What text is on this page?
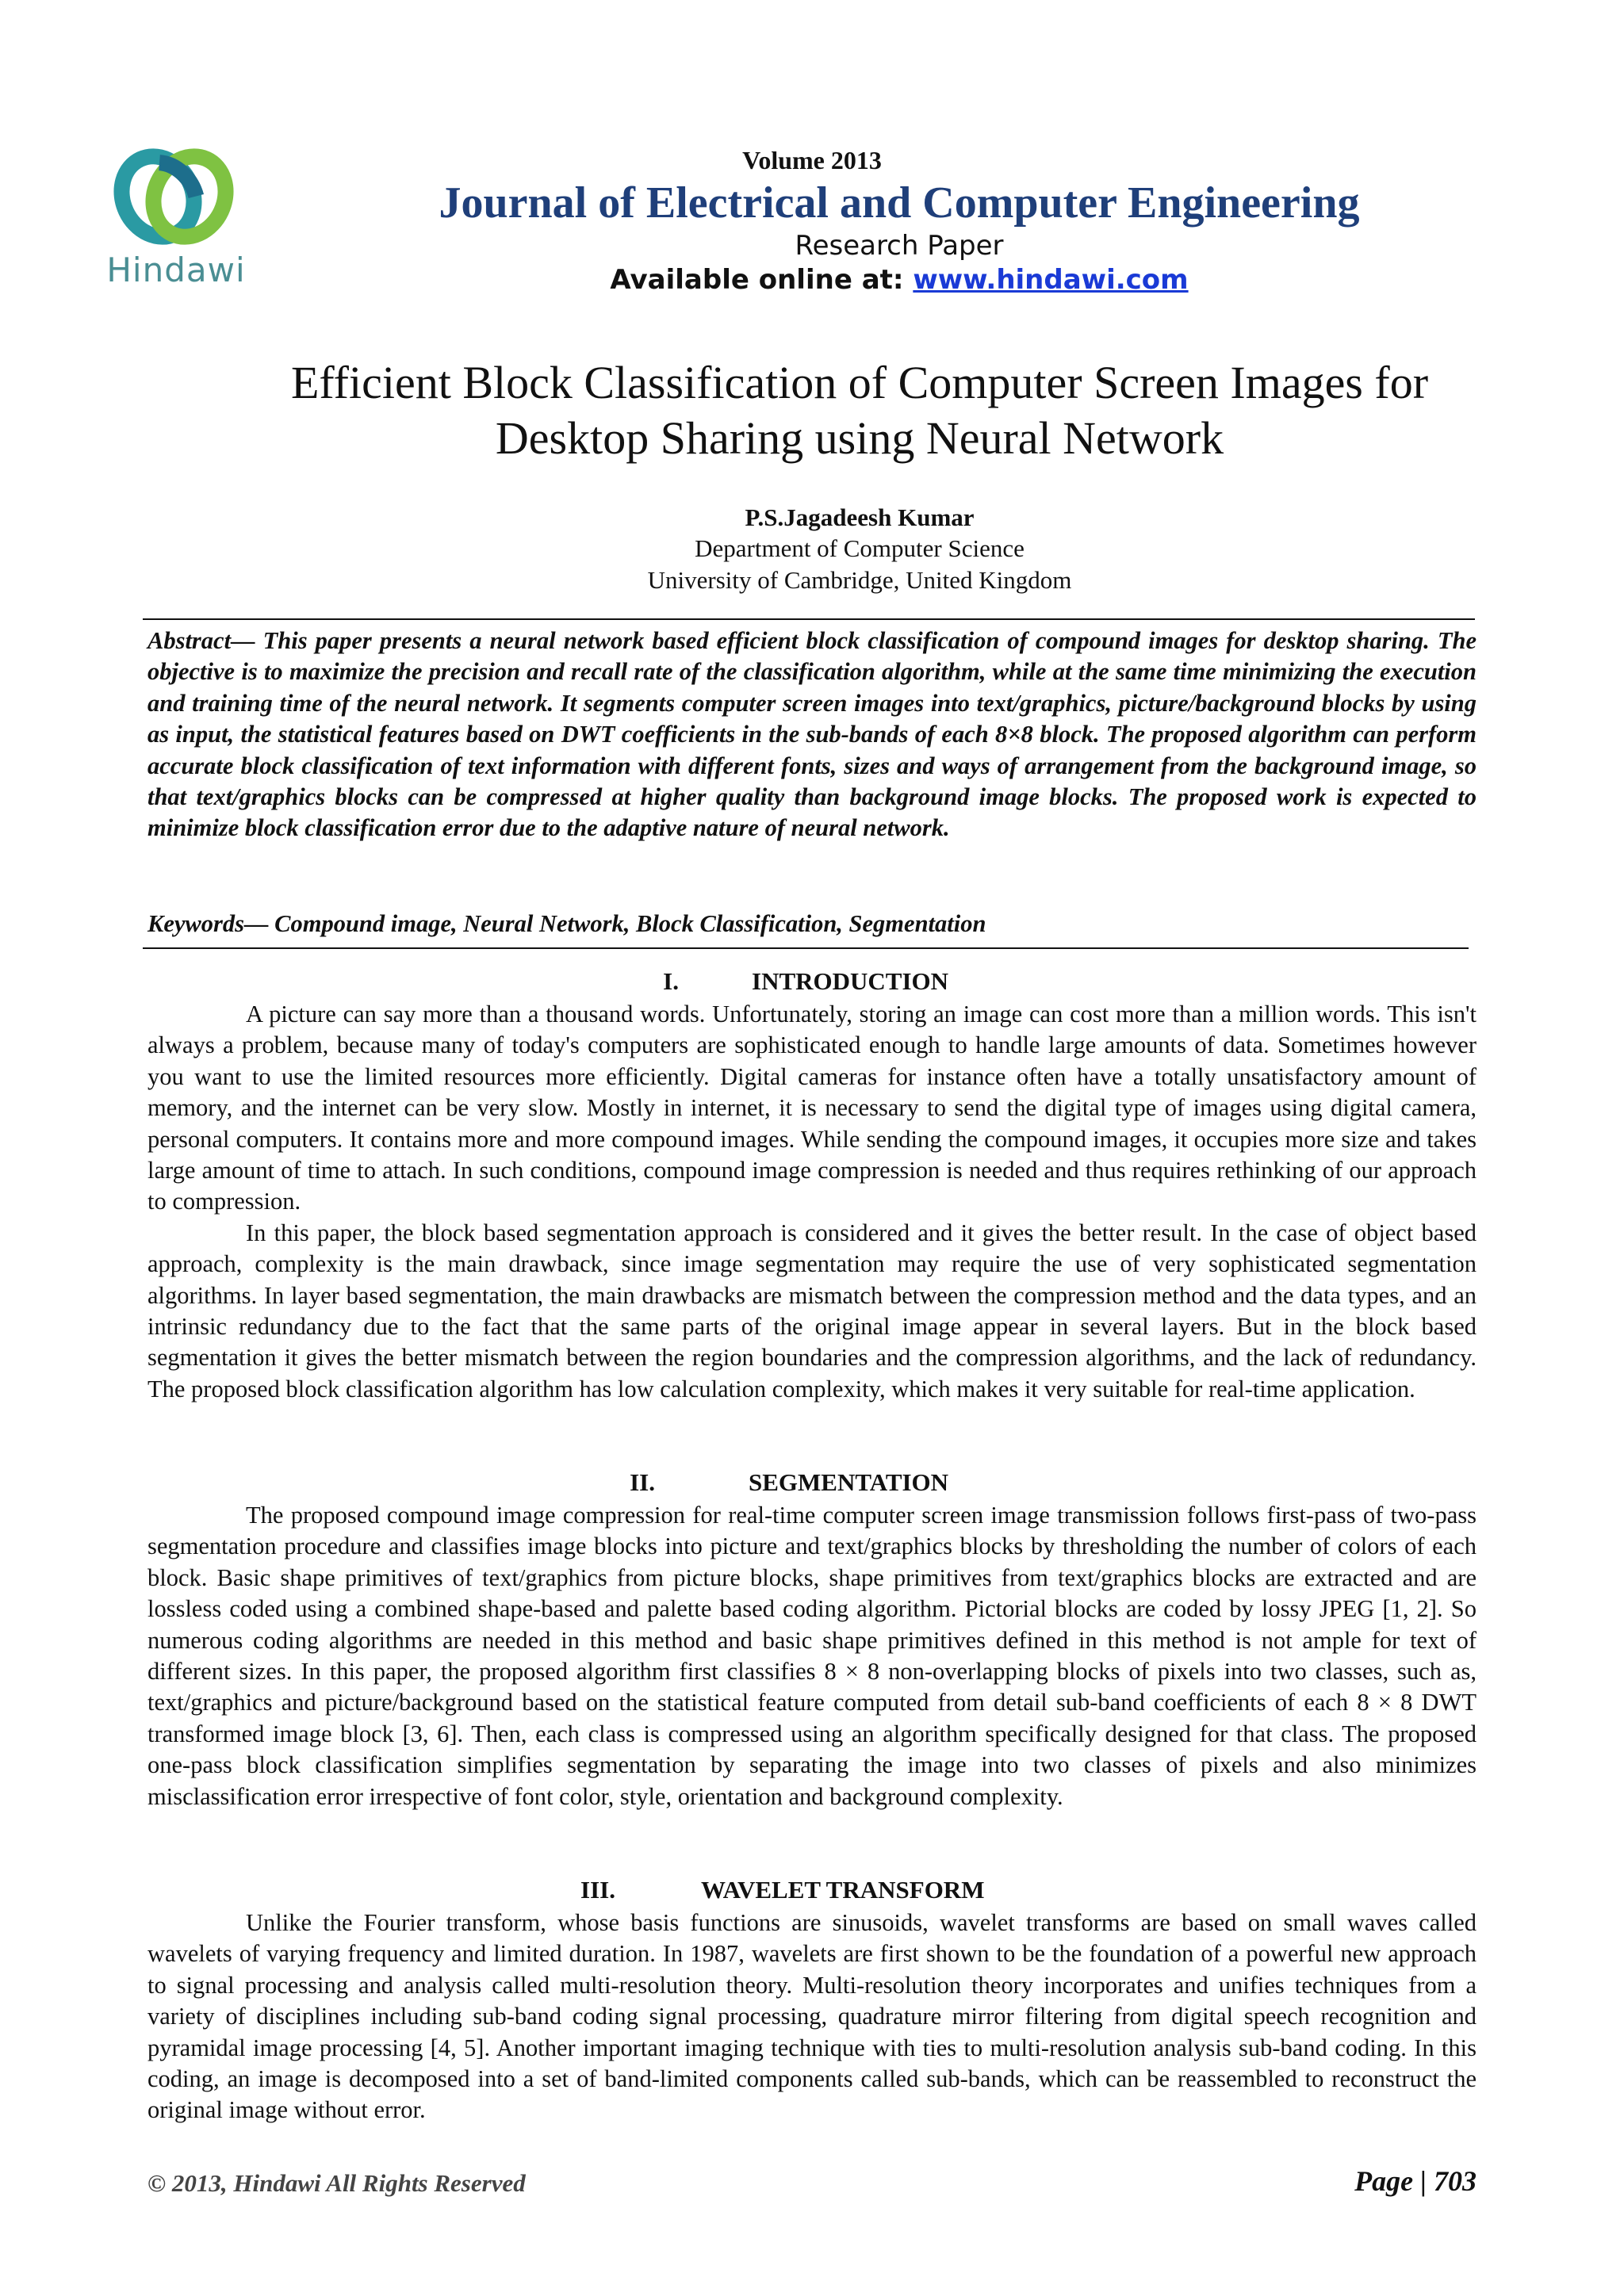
Hindawi
Volume 2013
Journal of Electrical and Computer Engineering
Research Paper
Available online at: www.hindawi.com
Efficient Block Classification of Computer Screen Images for
Desktop Sharing using Neural Network
P.S.Jagadeesh Kumar
Department of Computer Science
University of Cambridge, United Kingdom
Abstract— This paper presents a neural network based efficient block classification of compound images for desktop sharing. The objective is to maximize the precision and recall rate of the classification algorithm, while at the same time minimizing the execution and training time of the neural network. It segments computer screen images into text/graphics, picture/background blocks by using as input, the statistical features based on DWT coefficients in the sub-bands of each 8×8 block. The proposed algorithm can perform accurate block classification of text information with different fonts, sizes and ways of arrangement from the background image, so that text/graphics blocks can be compressed at higher quality than background image blocks. The proposed work is expected to minimize block classification error due to the adaptive nature of neural network.
Keywords— Compound image, Neural Network, Block Classification, Segmentation
I.	INTRODUCTION

A picture can say more than a thousand words. Unfortunately, storing an image can cost more than a million words. This isn't always a problem, because many of today's computers are sophisticated enough to handle large amounts of data. Sometimes however you want to use the limited resources more efficiently. Digital cameras for instance often have a totally unsatisfactory amount of memory, and the internet can be very slow. Mostly in internet, it is necessary to send the digital type of images using digital camera, personal computers. It contains more and more compound images. While sending the compound images, it occupies more size and takes large amount of time to attach. In such conditions, compound image compression is needed and thus requires rethinking of our approach to compression.

In this paper, the block based segmentation approach is considered and it gives the better result. In the case of object based approach, complexity is the main drawback, since image segmentation may require the use of very sophisticated segmentation algorithms. In layer based segmentation, the main drawbacks are mismatch between the compression method and the data types, and an intrinsic redundancy due to the fact that the same parts of the original image appear in several layers. But in the block based segmentation it gives the better mismatch between the region boundaries and the compression algorithms, and the lack of redundancy. The proposed block classification algorithm has low calculation complexity, which makes it very suitable for real-time application.

II.	SEGMENTATION

The proposed compound image compression for real-time computer screen image transmission follows first-pass of two-pass segmentation procedure and classifies image blocks into picture and text/graphics blocks by thresholding the number of colors of each block. Basic shape primitives of text/graphics from picture blocks, shape primitives from text/graphics blocks are extracted and are lossless coded using a combined shape-based and palette based coding algorithm. Pictorial blocks are coded by lossy JPEG [1, 2]. So numerous coding algorithms are needed in this method and basic shape primitives defined in this method is not ample for text of different sizes. In this paper, the proposed algorithm first classifies 8 × 8 non-overlapping blocks of pixels into two classes, such as, text/graphics and picture/background based on the statistical feature computed from detail sub-band coefficients of each 8 × 8 DWT transformed image block [3, 6]. Then, each class is compressed using an algorithm specifically designed for that class. The proposed one-pass block classification simplifies segmentation by separating the image into two classes of pixels and also minimizes misclassification error irrespective of font color, style, orientation and background complexity.

III.	WAVELET TRANSFORM

Unlike the Fourier transform, whose basis functions are sinusoids, wavelet transforms are based on small waves called wavelets of varying frequency and limited duration. In 1987, wavelets are first shown to be the foundation of a powerful new approach to signal processing and analysis called multi-resolution theory. Multi-resolution theory incorporates and unifies techniques from a variety of disciplines including sub-band coding signal processing, quadrature mirror filtering from digital speech recognition and pyramidal image processing [4, 5]. Another important imaging technique with ties to multi-resolution analysis sub-band coding. In this coding, an image is decomposed into a set of band-limited components called sub-bands, which can be reassembled to reconstruct the original image without error.

© 2013, Hindawi All Rights Reserved	Page | 703
